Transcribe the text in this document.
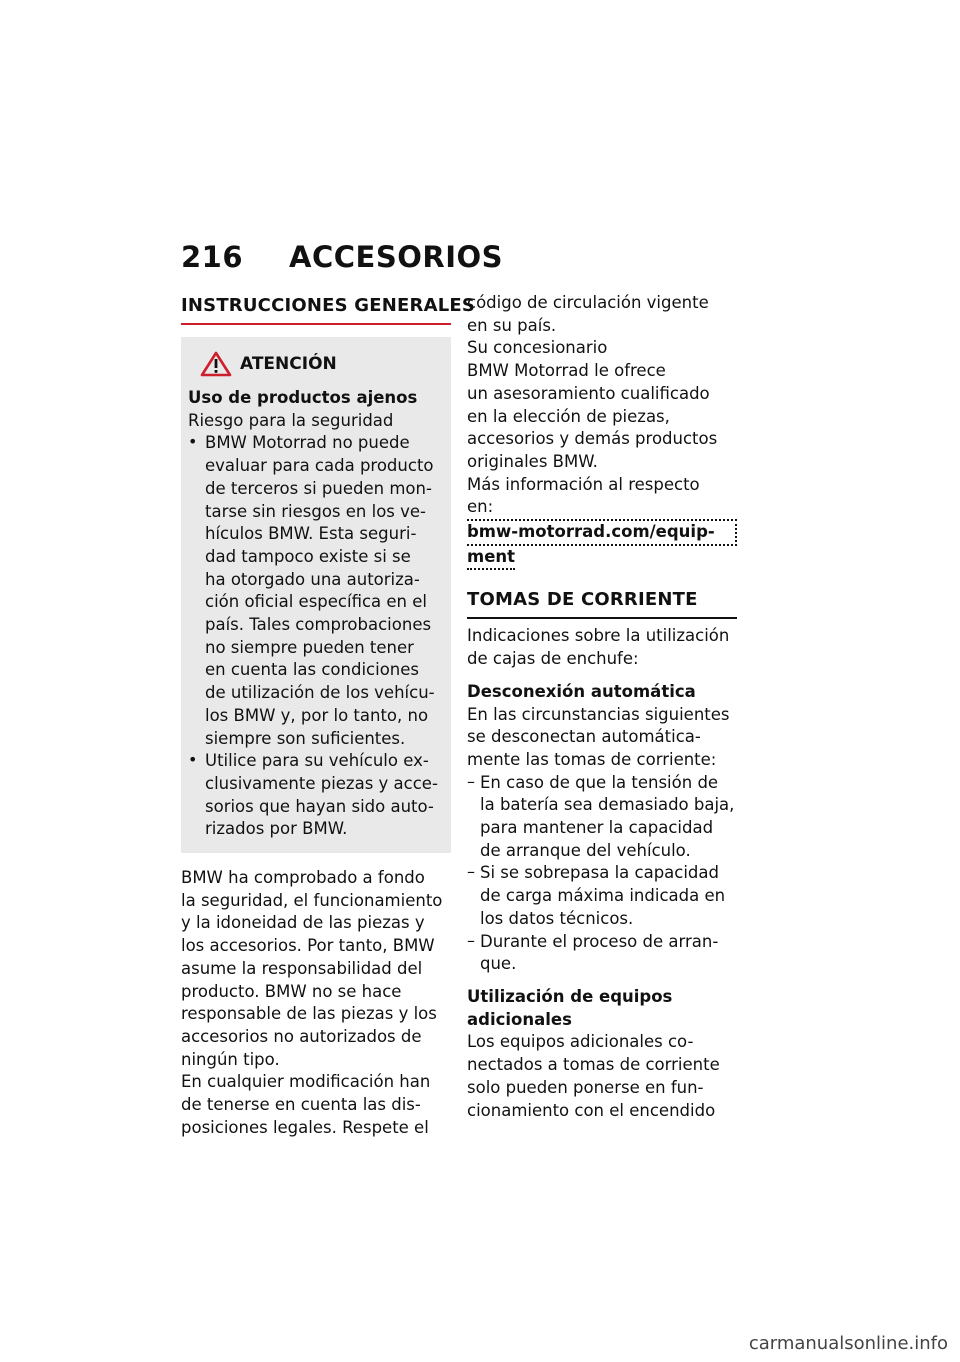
216 ACCESORIOS
INSTRUCCIONES GENERALES
ATENCIÓN

Uso de productos ajenos

Riesgo para la seguridad

• BMW Motorrad no puede

evaluar para cada producto

de terceros si pueden mon-

tarse sin riesgos en los ve-

hículos BMW. Esta seguri-

dad tampoco existe si se

ha otorgado una autoriza-

ción oficial específica en el

país. Tales comprobaciones

no siempre pueden tener

en cuenta las condiciones

de utilización de los vehícu-

los BMW y, por lo tanto, no

siempre son suficientes.

• Utilice para su vehículo ex-

clusivamente piezas y acce-

sorios que hayan sido auto-

rizados por BMW.

BMW ha comprobado a fondo

la seguridad, el funcionamiento

y la idoneidad de las piezas y

los accesorios. Por tanto, BMW

asume la responsabilidad del

producto. BMW no se hace

responsable de las piezas y los

accesorios no autorizados de

ningún tipo.

En cualquier modificación han

de tenerse en cuenta las dis-

posiciones legales. Respete el

código de circulación vigente

en su país.

Su concesionario

BMW Motorrad le ofrece

un asesoramiento cualificado

en la elección de piezas,

accesorios y demás productos

originales BMW.

Más información al respecto

en:

bmw-motorrad.com/equip-
ment
TOMAS DE CORRIENTE

Indicaciones sobre la utilización

de cajas de enchufe:

Desconexión automática

En las circunstancias siguientes

se desconectan automática-

mente las tomas de corriente:

– En caso de que la tensión de

la batería sea demasiado baja,

para mantener la capacidad

de arranque del vehículo.

– Si se sobrepasa la capacidad

de carga máxima indicada en

los datos técnicos.

– Durante el proceso de arran-

que.

Utilización de equipos

adicionales

Los equipos adicionales co-

nectados a tomas de corriente

solo pueden ponerse en fun-

cionamiento con el encendido

carmanualsonline.info
